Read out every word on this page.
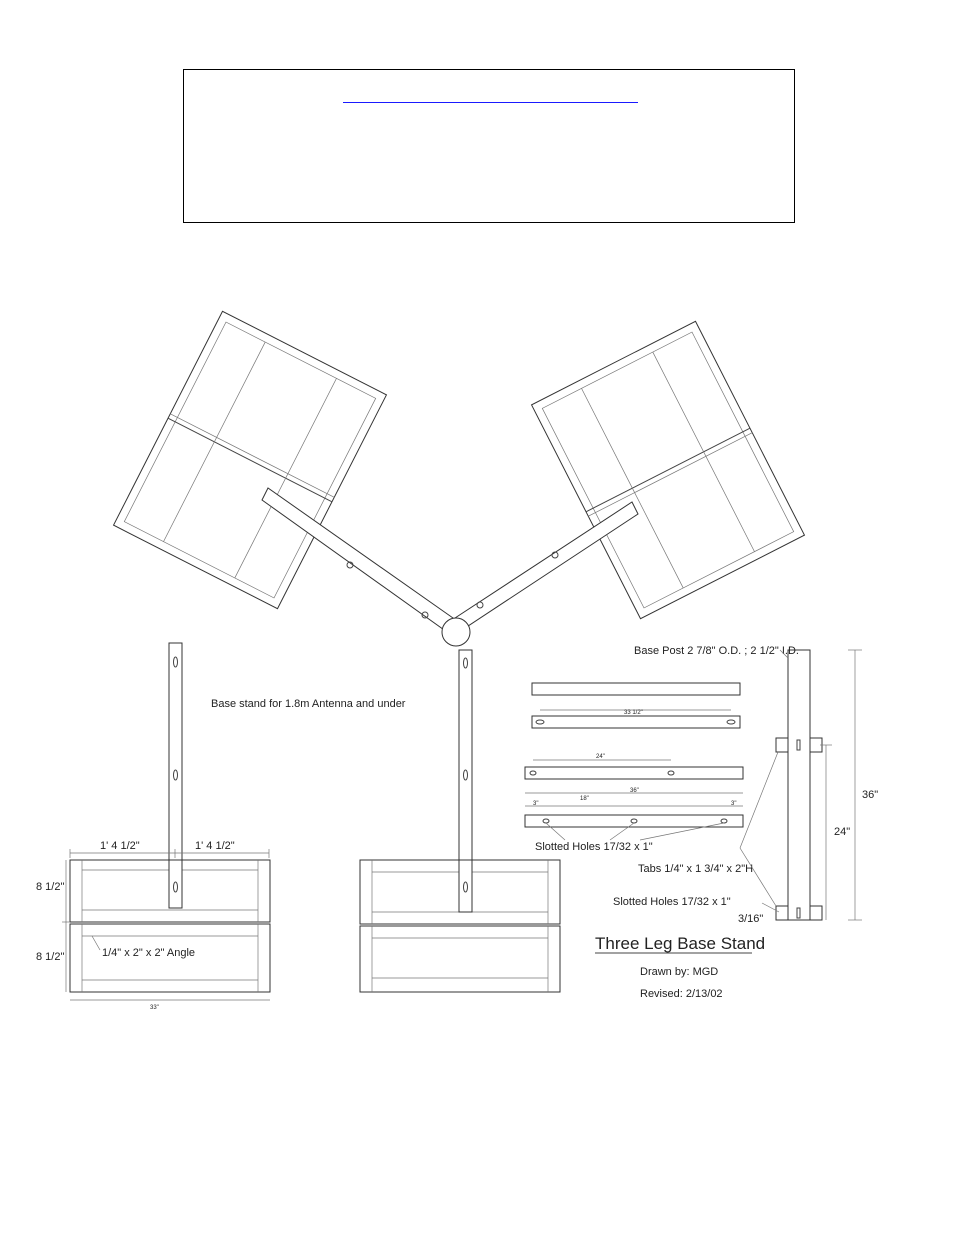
1' 4 1/2"	1' 4 1/2"
8 1/2"
8 1/2"	1/4" x 2" x 2" Angle
33"
Base stand for 1.8m Antenna and under
33 1/2"
24"
36"
3"
18"
3"
Slotted Holes 17/32 x 1"
Base Post 2 7/8" O.D. ; 2 1/2" I.D.
Tabs 1/4" x 1 3/4" x 2"H
Slotted Holes 17/32 x 1"
3/16"
36"
24"
Three Leg Base Stand
Drawn by: MGD
Revised: 2/13/02
